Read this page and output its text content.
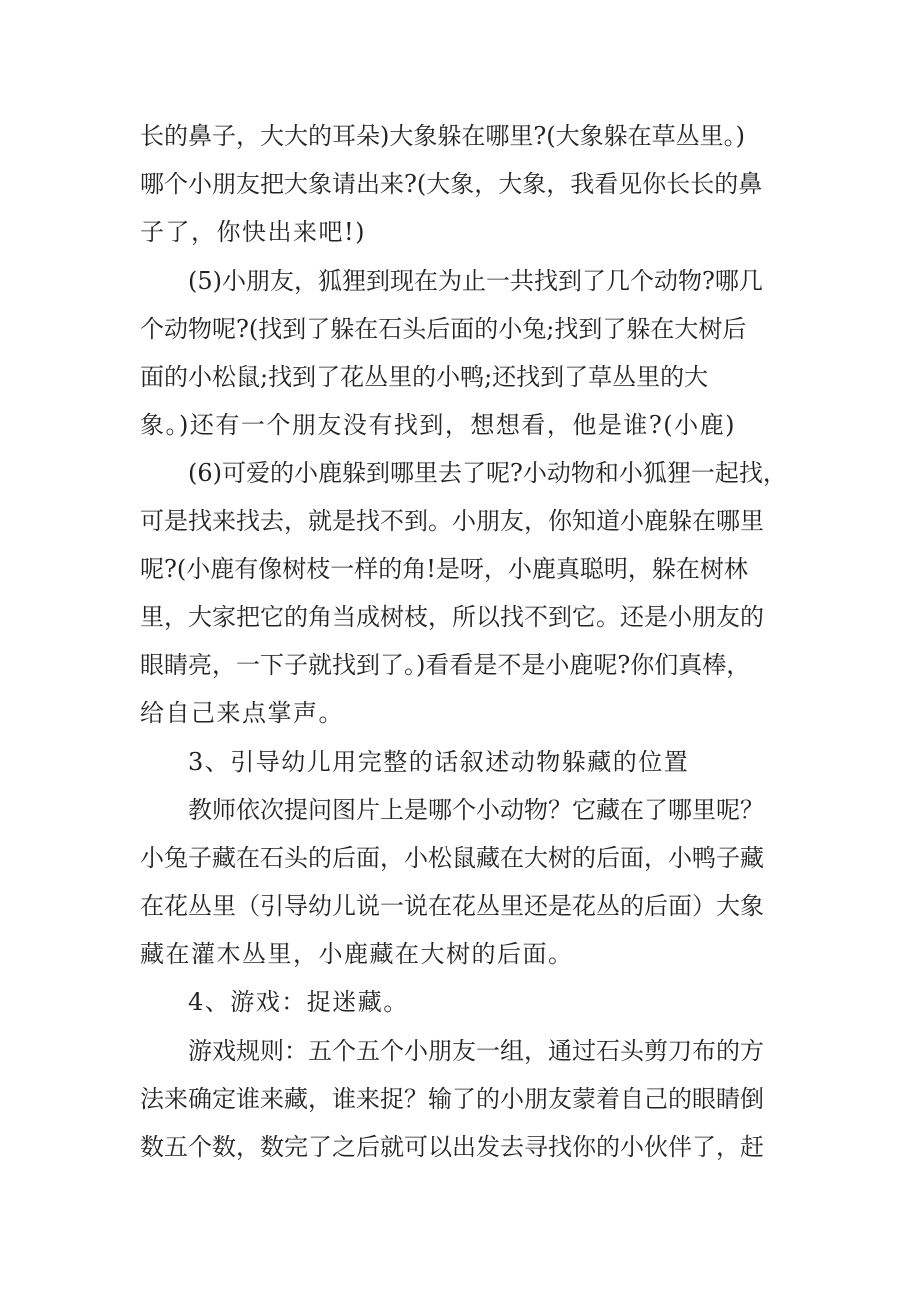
长的鼻子，大大的耳朵)大象躲在哪里?(大象躲在草丛里。)
哪个小朋友把大象请出来?(大象，大象，我看见你长长的鼻
子了，你快出来吧!)
(5)小朋友，狐狸到现在为止一共找到了几个动物?哪几
个动物呢?(找到了躲在石头后面的小兔;找到了躲在大树后
面的小松鼠;找到了花丛里的小鸭;还找到了草丛里的大
象。)还有一个朋友没有找到，想想看，他是谁?(小鹿)
(6)可爱的小鹿躲到哪里去了呢?小动物和小狐狸一起找，
可是找来找去，就是找不到。小朋友，你知道小鹿躲在哪里
呢?(小鹿有像树枝一样的角!是呀，小鹿真聪明，躲在树林
里，大家把它的角当成树枝，所以找不到它。还是小朋友的
眼睛亮，一下子就找到了。)看看是不是小鹿呢?你们真棒，
给自己来点掌声。
3、引导幼儿用完整的话叙述动物躲藏的位置
教师依次提问图片上是哪个小动物？它藏在了哪里呢？
小兔子藏在石头的后面，小松鼠藏在大树的后面，小鸭子藏
在花丛里（引导幼儿说一说在花丛里还是花丛的后面）大象
藏在灌木丛里，小鹿藏在大树的后面。
4、游戏：捉迷藏。
游戏规则：五个五个小朋友一组，通过石头剪刀布的方
法来确定谁来藏，谁来捉？输了的小朋友蒙着自己的眼睛倒
数五个数，数完了之后就可以出发去寻找你的小伙伴了，赶
